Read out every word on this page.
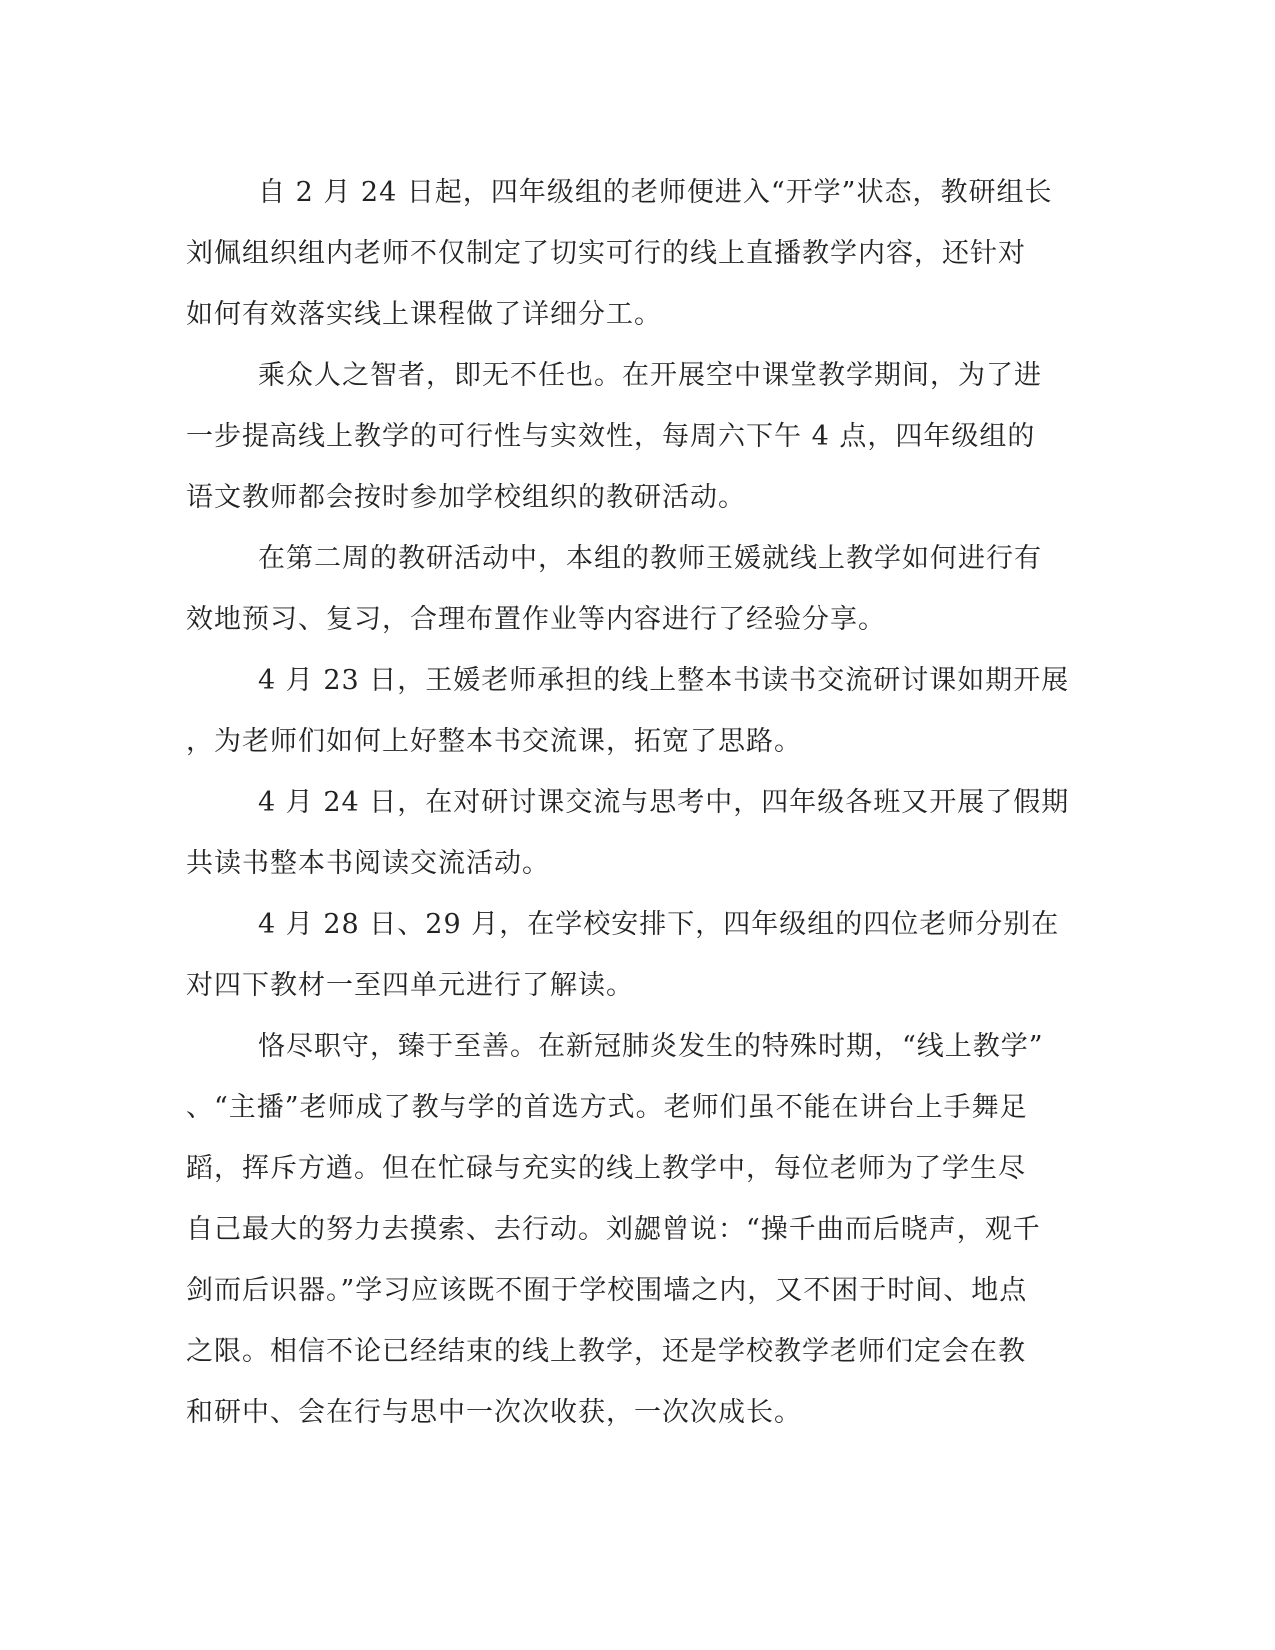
自 2 月 24 日起，四年级组的老师便进入“开学”状态，教研组长
刘佩组织组内老师不仅制定了切实可行的线上直播教学内容，还针对
如何有效落实线上课程做了详细分工。
乘众人之智者，即无不任也。在开展空中课堂教学期间，为了进
一步提高线上教学的可行性与实效性，每周六下午 4 点，四年级组的
语文教师都会按时参加学校组织的教研活动。
在第二周的教研活动中，本组的教师王媛就线上教学如何进行有
效地预习、复习，合理布置作业等内容进行了经验分享。
4 月 23 日，王媛老师承担的线上整本书读书交流研讨课如期开展
，为老师们如何上好整本书交流课，拓宽了思路。
4 月 24 日，在对研讨课交流与思考中，四年级各班又开展了假期
共读书整本书阅读交流活动。
4 月 28 日、29 月，在学校安排下，四年级组的四位老师分别在
对四下教材一至四单元进行了解读。
恪尽职守，臻于至善。在新冠肺炎发生的特殊时期，“线上教学”
、“主播”老师成了教与学的首选方式。老师们虽不能在讲台上手舞足
蹈，挥斥方遒。但在忙碌与充实的线上教学中，每位老师为了学生尽
自己最大的努力去摸索、去行动。刘勰曾说：“操千曲而后晓声，观千
剑而后识器。”学习应该既不囿于学校围墙之内，又不困于时间、地点
之限。相信不论已经结束的线上教学，还是学校教学老师们定会在教
和研中、会在行与思中一次次收获，一次次成长。
